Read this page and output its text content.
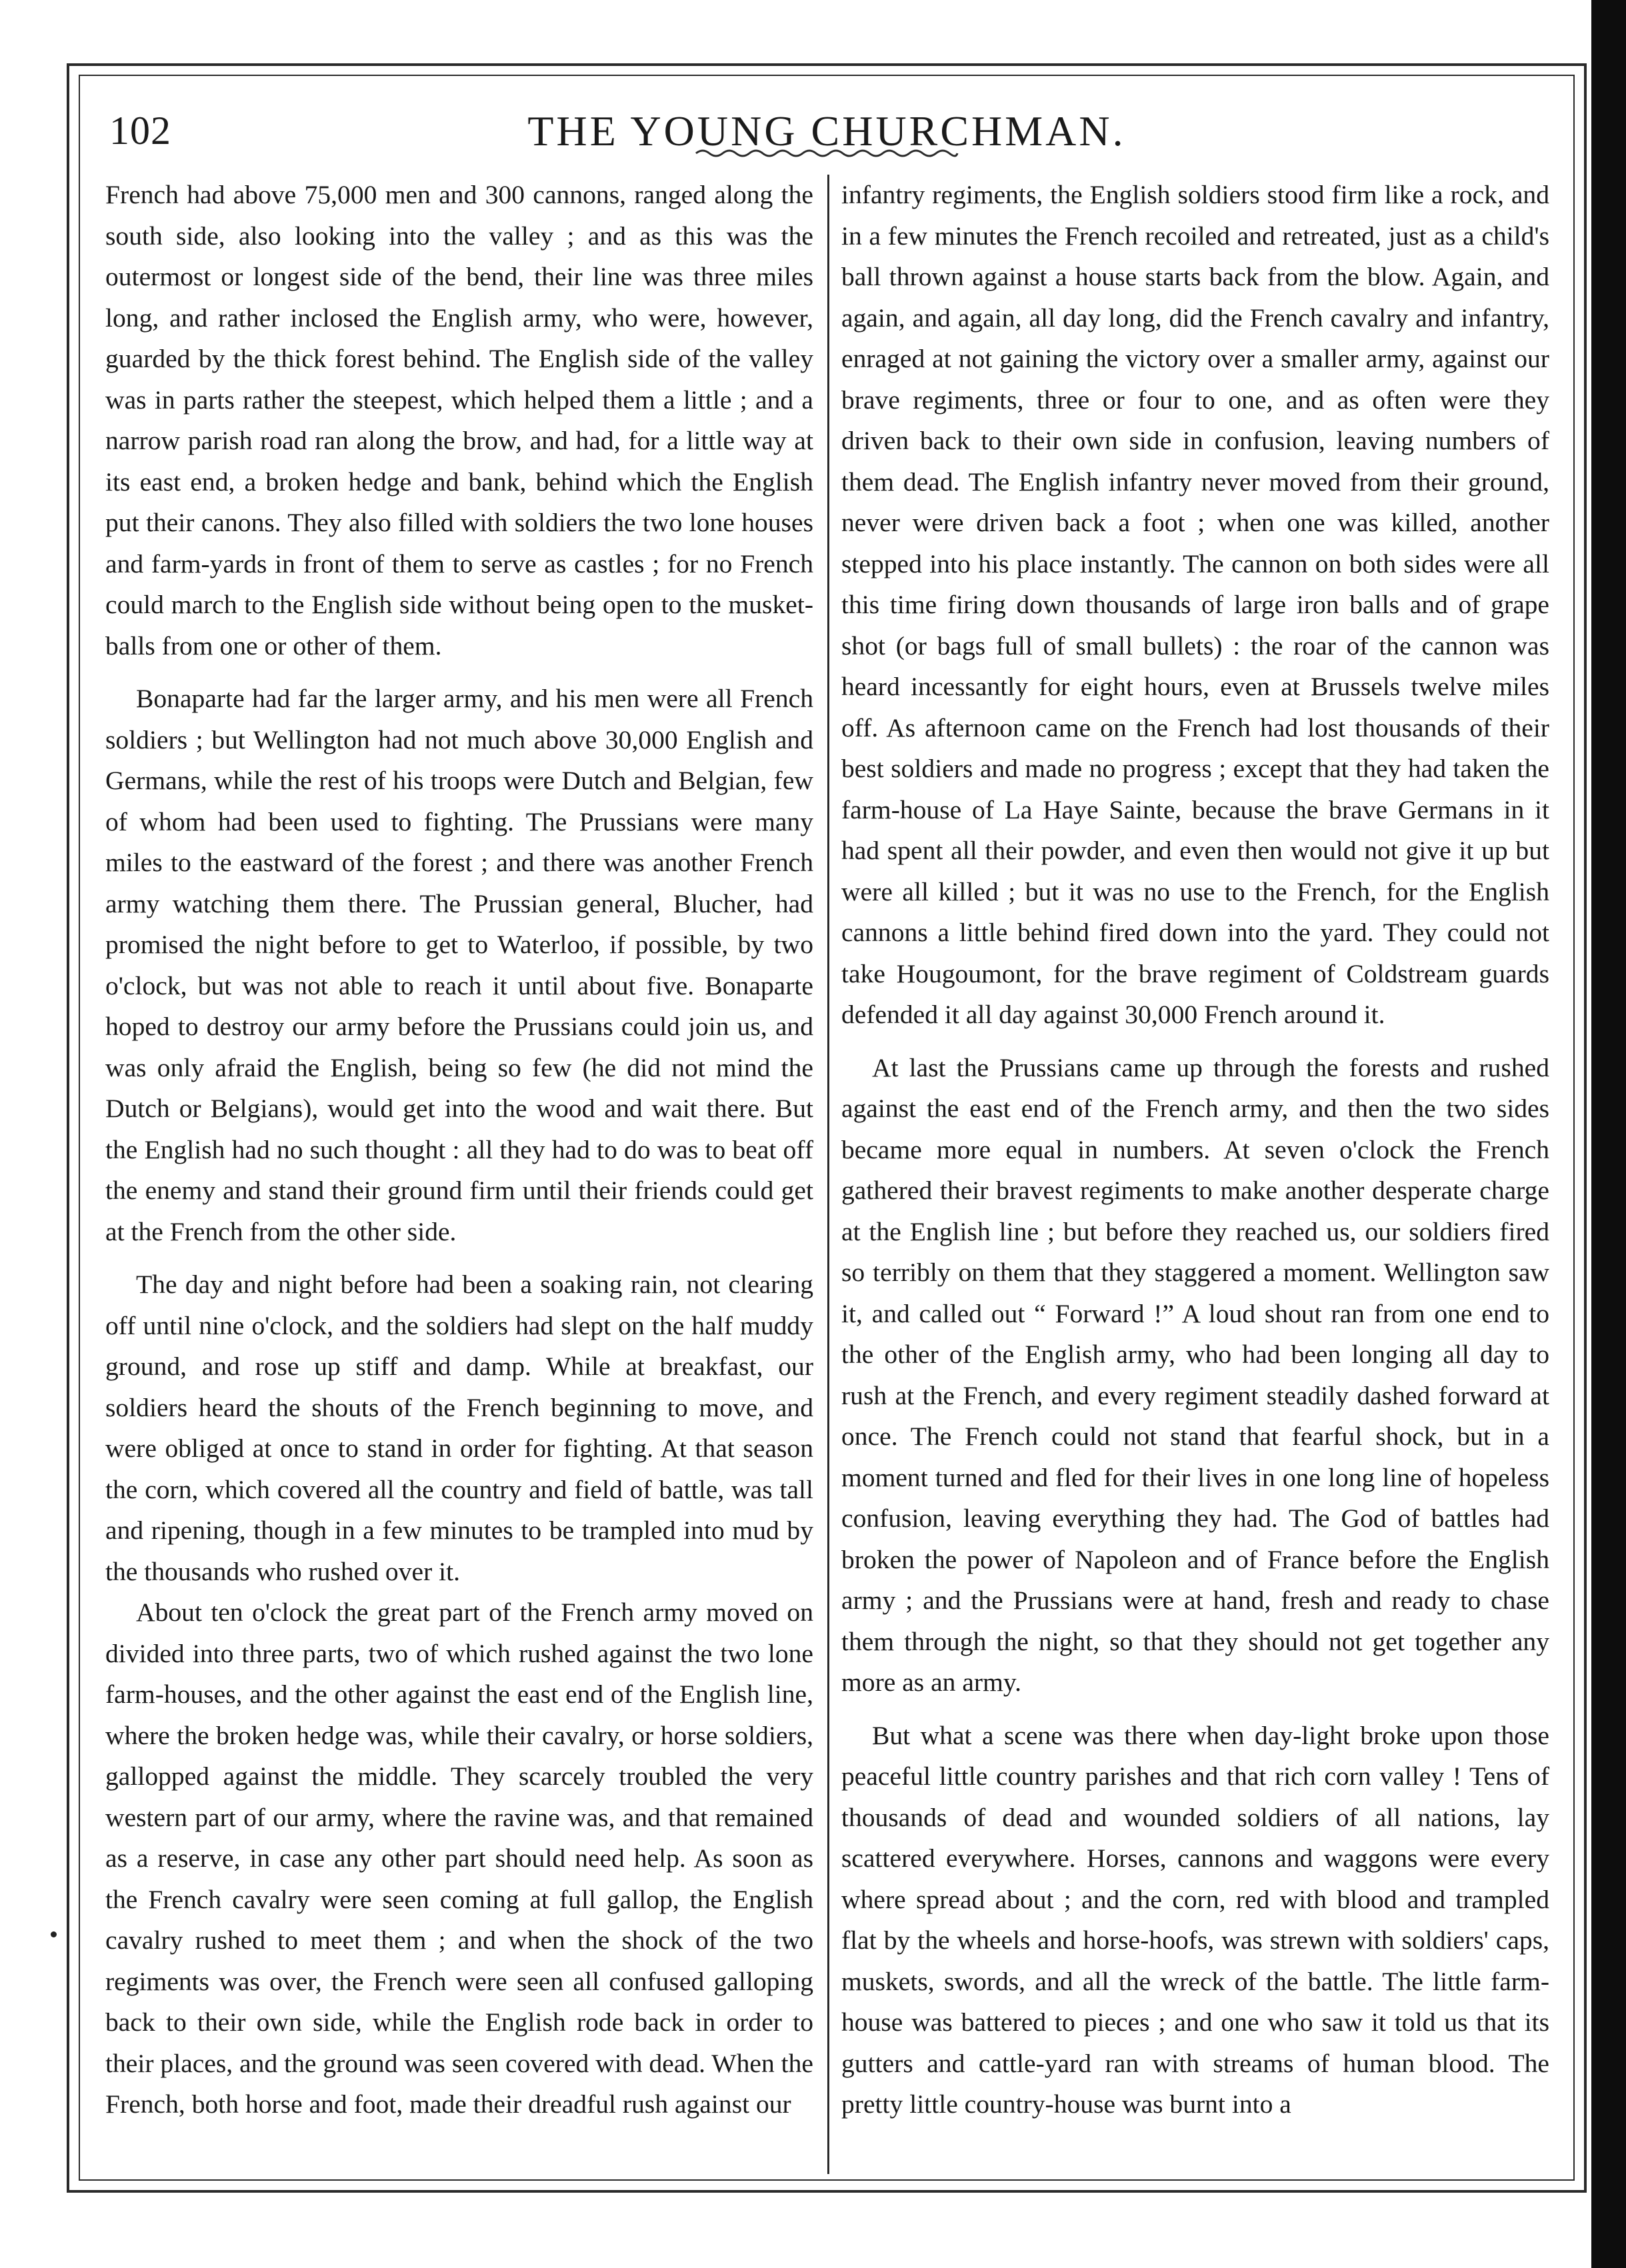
102	THE YOUNG CHURCHMAN.

French had above 75,000 men and 300 cannons, ranged along the south side, also looking into the valley ; and as this was the outermost or longest side of the bend, their line was three miles long, and rather inclosed the English army, who were, however, guarded by the thick forest behind. The English side of the valley was in parts rather the steepest, which helped them a little ; and a narrow parish road ran along the brow, and had, for a little way at its east end, a broken hedge and bank, behind which the English put their canons. They also filled with soldiers the two lone houses and farm-yards in front of them to serve as castles ; for no French could march to the English side without being open to the musket-balls from one or other of them.

Bonaparte had far the larger army, and his men were all French soldiers ; but Wellington had not much above 30,000 English and Germans, while the rest of his troops were Dutch and Belgian, few of whom had been used to fighting. The Prussians were many miles to the eastward of the forest ; and there was another French army watching them there. The Prussian general, Blucher, had promised the night before to get to Waterloo, if possible, by two o'clock, but was not able to reach it until about five. Bonaparte hoped to destroy our army before the Prussians could join us, and was only afraid the English, being so few (he did not mind the Dutch or Belgians), would get into the wood and wait there. But the English had no such thought : all they had to do was to beat off the enemy and stand their ground firm until their friends could get at the French from the other side.

The day and night before had been a soaking rain, not clearing off until nine o'clock, and the soldiers had slept on the half muddy ground, and rose up stiff and damp. While at breakfast, our soldiers heard the shouts of the French beginning to move, and were obliged at once to stand in order for fighting. At that season the corn, which covered all the country and field of battle, was tall and ripening, though in a few minutes to be trampled into mud by the thousands who rushed over it.

About ten o'clock the great part of the French army moved on divided into three parts, two of which rushed against the two lone farm-houses, and the other against the east end of the English line, where the broken hedge was, while their cavalry, or horse soldiers, gallopped against the middle. They scarcely troubled the very western part of our army, where the ravine was, and that remained as a reserve, in case any other part should need help. As soon as the French cavalry were seen coming at full gallop, the English cavalry rushed to meet them ; and when the shock of the two regiments was over, the French were seen all confused galloping back to their own side, while the English rode back in order to their places, and the ground was seen covered with dead. When the French, both horse and foot, made their dreadful rush against our

infantry regiments, the English soldiers stood firm like a rock, and in a few minutes the French recoiled and retreated, just as a child's ball thrown against a house starts back from the blow. Again, and again, and again, all day long, did the French cavalry and infantry, enraged at not gaining the victory over a smaller army, against our brave regiments, three or four to one, and as often were they driven back to their own side in confusion, leaving numbers of them dead. The English infantry never moved from their ground, never were driven back a foot ; when one was killed, another stepped into his place instantly. The cannon on both sides were all this time firing down thousands of large iron balls and of grape shot (or bags full of small bullets) : the roar of the cannon was heard incessantly for eight hours, even at Brussels twelve miles off. As afternoon came on the French had lost thousands of their best soldiers and made no progress ; except that they had taken the farm-house of La Haye Sainte, because the brave Germans in it had spent all their powder, and even then would not give it up but were all killed ; but it was no use to the French, for the English cannons a little behind fired down into the yard. They could not take Hougoumont, for the brave regiment of Coldstream guards defended it all day against 30,000 French around it.

At last the Prussians came up through the forests and rushed against the east end of the French army, and then the two sides became more equal in numbers. At seven o'clock the French gathered their bravest regiments to make another desperate charge at the English line ; but before they reached us, our soldiers fired so terribly on them that they staggered a moment. Wellington saw it, and called out “ Forward !” A loud shout ran from one end to the other of the English army, who had been longing all day to rush at the French, and every regiment steadily dashed forward at once. The French could not stand that fearful shock, but in a moment turned and fled for their lives in one long line of hopeless confusion, leaving everything they had. The God of battles had broken the power of Napoleon and of France before the English army ; and the Prussians were at hand, fresh and ready to chase them through the night, so that they should not get together any more as an army.

But what a scene was there when day-light broke upon those peaceful little country parishes and that rich corn valley ! Tens of thousands of dead and wounded soldiers of all nations, lay scattered everywhere. Horses, cannons and waggons were every where spread about ; and the corn, red with blood and trampled flat by the wheels and horse-hoofs, was strewn with soldiers' caps, muskets, swords, and all the wreck of the battle. The little farm-house was battered to pieces ; and one who saw it told us that its gutters and cattle-yard ran with streams of human blood. The pretty little country-house was burnt into a
